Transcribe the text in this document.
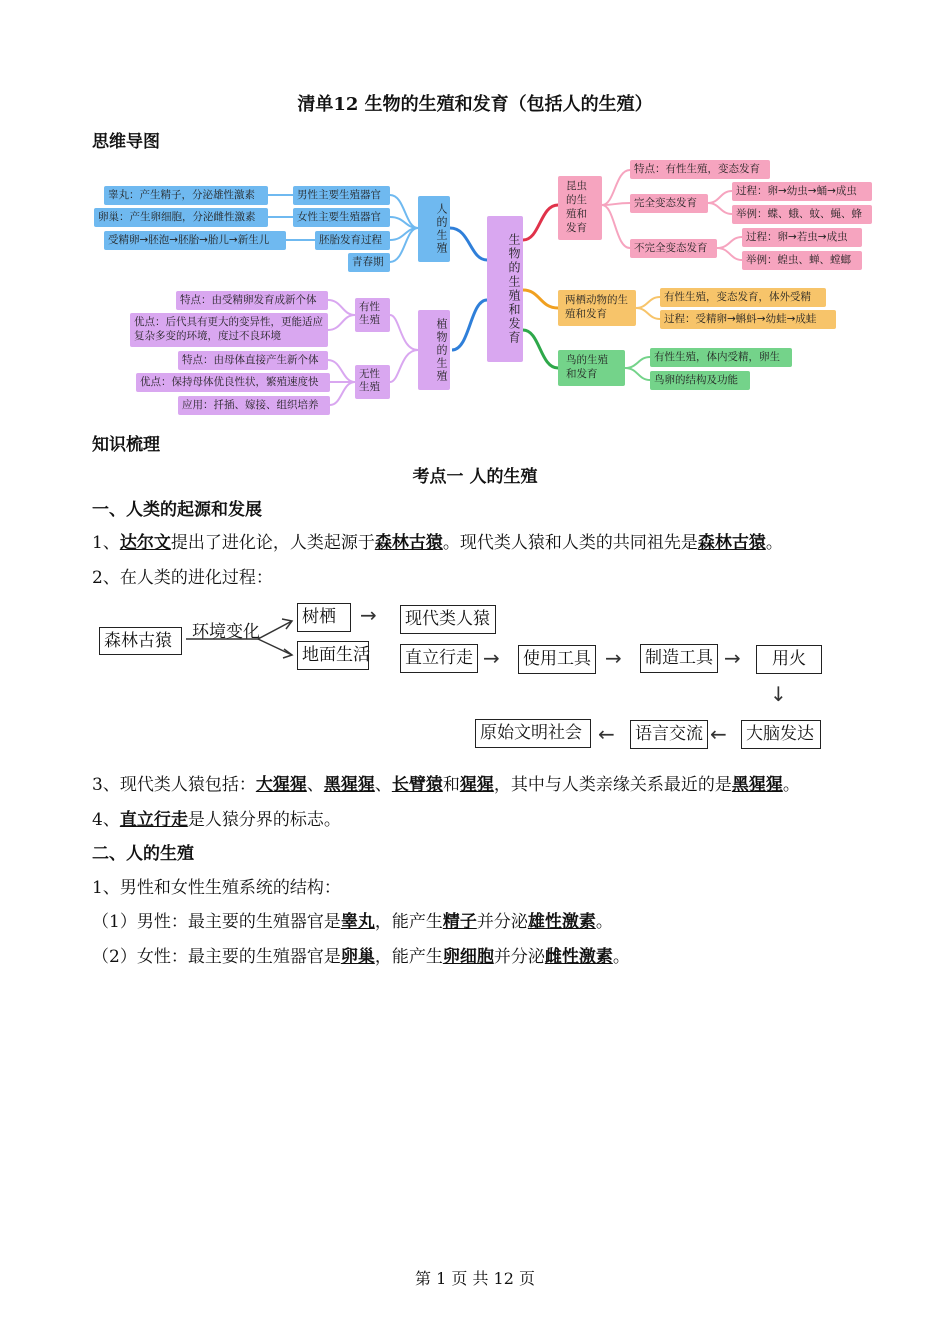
清单12 生物的生殖和发育（包括人的生殖）
思维导图
生物的生殖和发育
人的生殖
男性主要生殖器官
睾丸：产生精子，分泌雄性激素
女性主要生殖器官
卵巢：产生卵细胞，分泌雌性激素
胚胎发育过程
受精卵→胚泡→胚胎→胎儿→新生儿
青春期
植物的生殖
有性生殖
特点：由受精卵发育成新个体
优点：后代具有更大的变异性，更能适应复杂多变的环境，度过不良环境
无性生殖
特点：由母体直接产生新个体
优点：保持母体优良性状，繁殖速度快
应用：扦插、嫁接、组织培养
昆虫的生殖和发育
特点：有性生殖，变态发育
完全变态发育
过程：卵→幼虫→蛹→成虫
举例：蝶、蛾、蚊、蝇、蜂
不完全变态发育
过程：卵→若虫→成虫
举例：蝗虫、蝉、螳螂
两栖动物的生殖和发育
有性生殖，变态发育，体外受精
过程：受精卵→蝌蚪→幼蛙→成蛙
鸟的生殖和发育
有性生殖，体内受精，卵生
鸟卵的结构及功能
知识梳理
考点一 人的生殖
一、人类的起源和发展
1、达尔文提出了进化论，人类起源于森林古猿。现代类人猿和人类的共同祖先是森林古猿。
2、在人类的进化过程：
森林古猿	环境变化
树栖	→ 现代类人猿
地面生活 直立行走 → 使用工具 → 制造工具 →	用火
↓
大脑发达
←
语言交流
←
原始文明社会
3、现代类人猿包括：大猩猩、黑猩猩、长臂猿和猩猩，其中与人类亲缘关系最近的是黑猩猩。
4、直立行走是人猿分界的标志。
二、人的生殖
1、男性和女性生殖系统的结构：
（1）男性：最主要的生殖器官是睾丸，能产生精子并分泌雄性激素。
（2）女性：最主要的生殖器官是卵巢，能产生卵细胞并分泌雌性激素。
第 1 页 共 12 页
